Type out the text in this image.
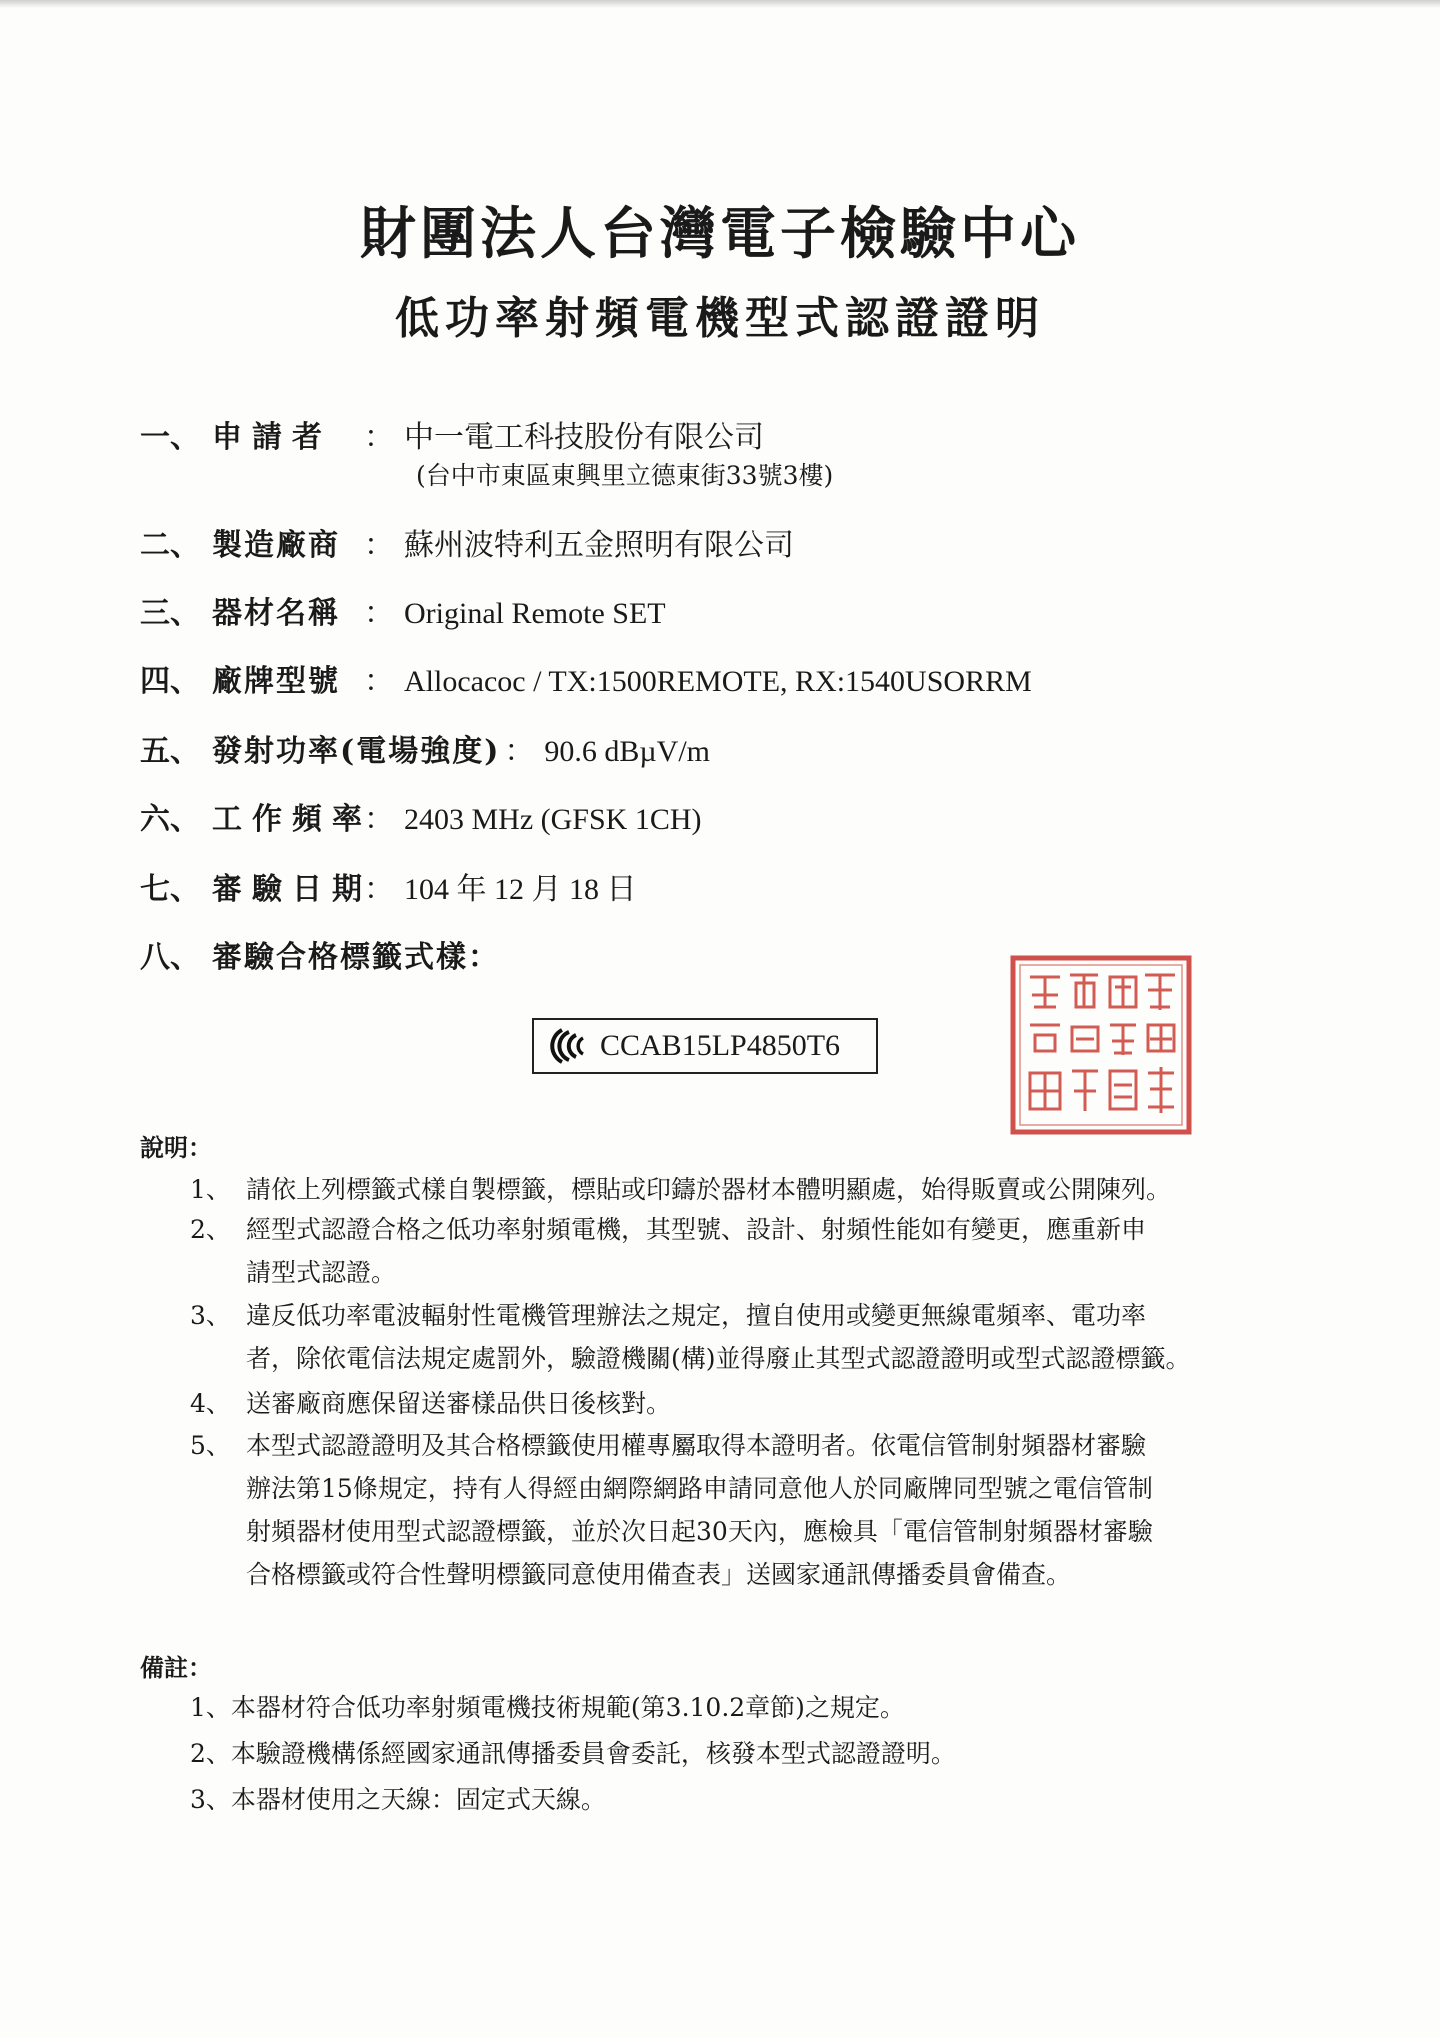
財團法人台灣電子檢驗中心
低功率射頻電機型式認證證明
一、 申請者 ： 中一電工科技股份有限公司
(台中市東區東興里立德東街33號3樓)
二、 製造廠商 ： 蘇州波特利五金照明有限公司
三、 器材名稱 ： Original Remote SET
四、 廠牌型號 ： Allocacoc / TX:1500REMOTE, RX:1540USORRM
五、 發射功率(電場強度) ： 90.6 dBµV/m
六、 工作頻率： 2403 MHz (GFSK 1CH)
七、 審驗日期： 104 年 12 月 18 日
八、 審驗合格標籤式樣：
CCAB15LP4850T6
說明：
1、 請依上列標籤式樣自製標籤，標貼或印鑄於器材本體明顯處，始得販賣或公開陳列。
2、 經型式認證合格之低功率射頻電機，其型號、設計、射頻性能如有變更，應重新申
請型式認證。
3、 違反低功率電波輻射性電機管理辦法之規定，擅自使用或變更無線電頻率、電功率
者，除依電信法規定處罰外，驗證機關(構)並得廢止其型式認證證明或型式認證標籤。
4、 送審廠商應保留送審樣品供日後核對。
5、 本型式認證證明及其合格標籤使用權專屬取得本證明者。依電信管制射頻器材審驗
辦法第15條規定，持有人得經由網際網路申請同意他人於同廠牌同型號之電信管制
射頻器材使用型式認證標籤，並於次日起30天內，應檢具「電信管制射頻器材審驗
合格標籤或符合性聲明標籤同意使用備查表」送國家通訊傳播委員會備查。
備註：
1、本器材符合低功率射頻電機技術規範(第3.10.2章節)之規定。
2、本驗證機構係經國家通訊傳播委員會委託，核發本型式認證證明。
3、本器材使用之天線：固定式天線。
